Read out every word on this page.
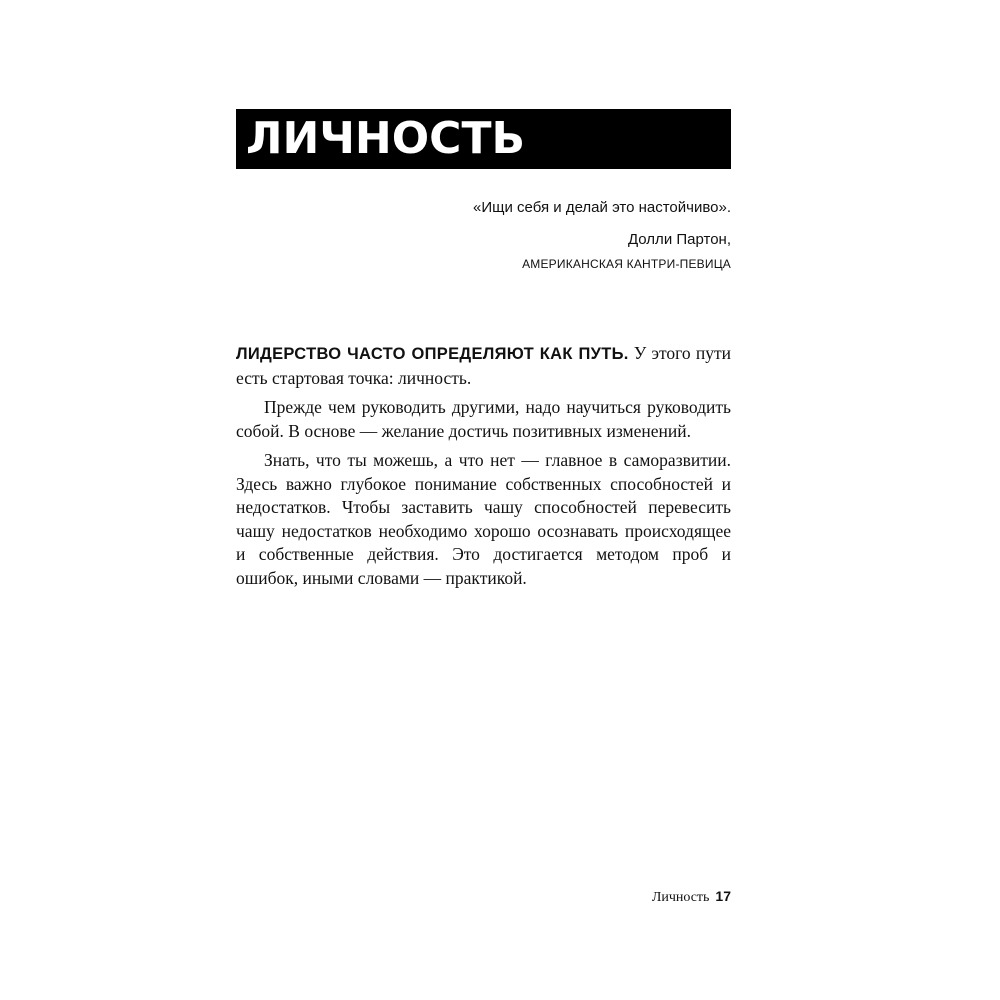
ЛИЧНОСТЬ

«Ищи себя и делай это настойчиво».

Долли Партон,

АМЕРИКАНСКАЯ КАНТРИ-ПЕВИЦА

ЛИДЕРСТВО ЧАСТО ОПРЕДЕЛЯЮТ КАК ПУТЬ. У этого пути есть стартовая точка: личность.

Прежде чем руководить другими, надо научиться руководить собой. В основе — желание достичь позитивных изменений.

Знать, что ты можешь, а что нет — главное в саморазвитии. Здесь важно глубокое понимание собственных способностей и недостатков. Чтобы заставить чашу способностей перевесить чашу недостатков необходимо хорошо осознавать происходящее и собственные действия. Это достигается методом проб и ошибок, иными словами — практикой.

Личность 17
